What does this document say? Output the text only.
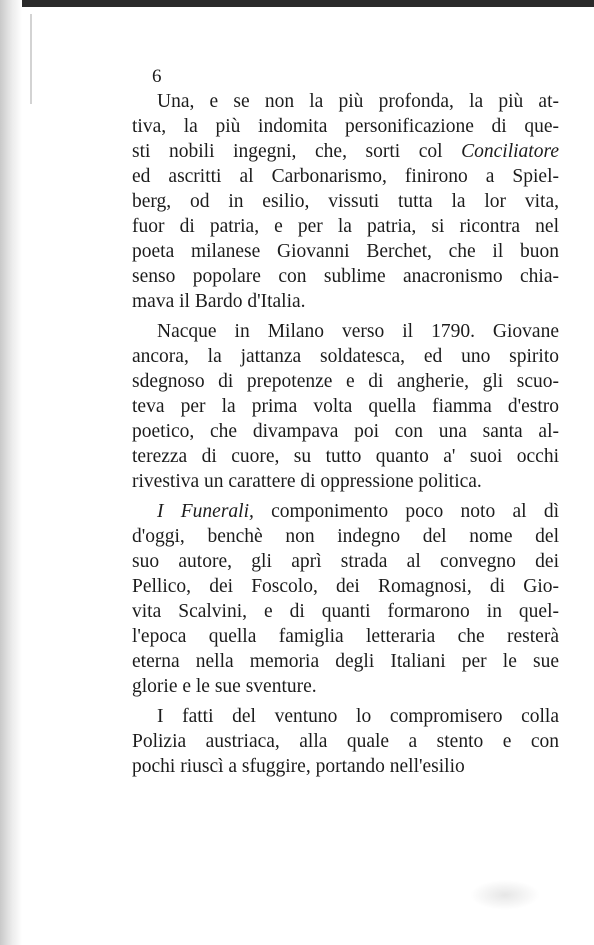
6
Una, e se non la più profonda, la più at-
tiva, la più indomita personificazione di que-
sti nobili ingegni, che, sorti col Conciliatore
ed ascritti al Carbonarismo, finirono a Spiel-
berg, od in esilio, vissuti tutta la lor vita,
fuor di patria, e per la patria, si ricontra nel
poeta milanese Giovanni Berchet, che il buon
senso popolare con sublime anacronismo chia-
mava il Bardo d'Italia.
Nacque in Milano verso il 1790. Giovane
ancora, la jattanza soldatesca, ed uno spirito
sdegnoso di prepotenze e di angherie, gli scuo-
teva per la prima volta quella fiamma d'estro
poetico, che divampava poi con una santa al-
terezza di cuore, su tutto quanto a' suoi occhi
rivestiva un carattere di oppressione politica.
I Funerali, componimento poco noto al dì
d'oggi, benchè non indegno del nome del
suo autore, gli aprì strada al convegno dei
Pellico, dei Foscolo, dei Romagnosi, di Gio-
vita Scalvini, e di quanti formarono in quel-
l'epoca quella famiglia letteraria che resterà
eterna nella memoria degli Italiani per le sue
glorie e le sue sventure.
I fatti del ventuno lo compromisero colla
Polizia austriaca, alla quale a stento e con
pochi riuscì a sfuggire, portando nell'esilio
